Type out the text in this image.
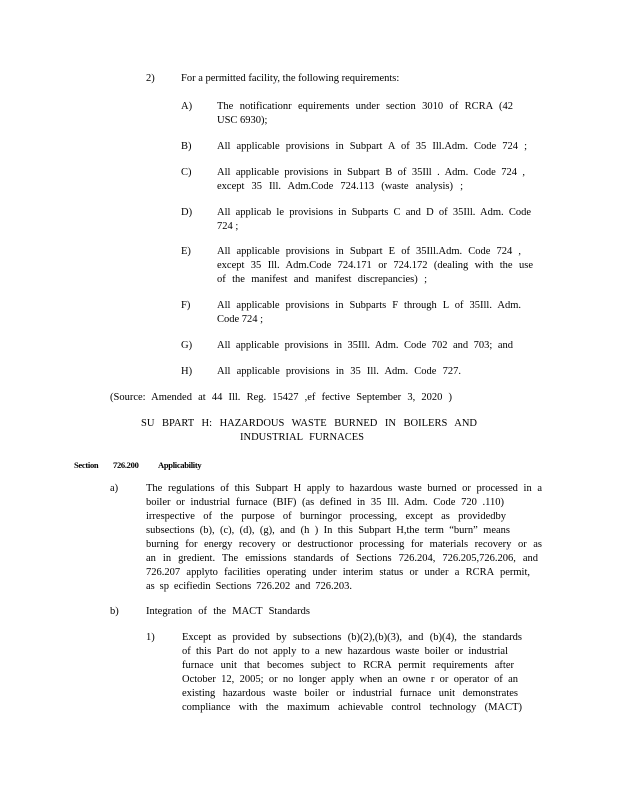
2)	For a permitted facility, the following requirements:
A) The notificationr equirements under section 3010 of RCRA (42
USC 6930);
B) All applicable provisions in Subpart A of 35 Ill.Adm. Code 724 ;
C) All applicable provisions in Subpart B of 35Ill . Adm. Code 724 ,
except 35 Ill. Adm.Code 724.113 (waste analysis) ;
D) All applicab le provisions in Subparts C and D of 35Ill. Adm. Code
724 ;
E) All applicable provisions in Subpart E of 35Ill.Adm. Code 724 ,
except 35 Ill. Adm.Code 724.171 or 724.172 (dealing with the use
of the manifest and manifest discrepancies) ;
F)	All applicable provisions in Subparts F through L of 35Ill. Adm.
Code 724 ;
G) All applicable provisions in 35Ill. Adm. Code 702 and 703; and
H) All applicable provisions in 35 Ill. Adm. Code 727.
(Source: Amended at 44 Ill. Reg. 15427 ,ef fective September 3, 2020 )
SU BPART H: HAZARDOUS WASTE BURNED IN BOILERS AND
INDUSTRIAL FURNACES
Section 726.200 Applicability
a)	The regulations of this Subpart H apply to hazardous waste burned or processed in a
boiler or industrial furnace (BIF) (as defined in 35 Ill. Adm. Code 720 .110)
irrespective of the purpose of burningor processing, except as providedby
subsections (b), (c), (d), (g), and (h ) In this Subpart H,the term “burn” means
burning for energy recovery or destructionor processing for materials recovery or as
an in gredient. The emissions standards of Sections 726.204, 726.205,726.206, and
726.207 applyto facilities operating under interim status or under a RCRA permit,
as sp ecifiedin Sections 726.202 and 726.203.
b)	Integration of the MACT Standards
1)	Except as provided by subsections (b)(2),(b)(3), and (b)(4), the standards
of this Part do not apply to a new hazardous waste boiler or industrial
furnace unit that becomes subject to RCRA permit requirements after
October 12, 2005; or no longer apply when an owne r or operator of an
existing hazardous waste boiler or industrial furnace unit demonstrates
compliance with the maximum achievable control technology (MACT)
